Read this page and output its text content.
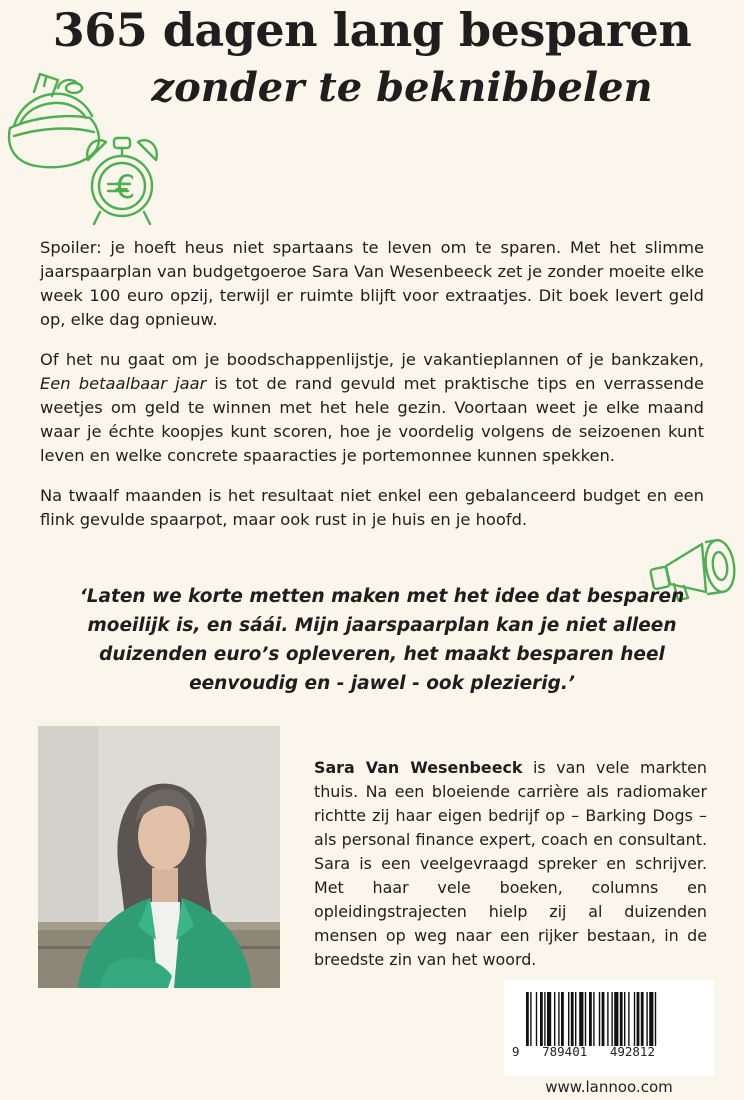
365 dagen lang besparen
zonder te beknibbelen
€

Spoiler: je hoeft heus niet spartaans te leven om te sparen. Met het slimme jaarspaarplan van budgetgoeroe Sara Van Wesenbeeck zet je zonder moeite elke week 100 euro opzij, terwijl er ruimte blijft voor extraatjes. Dit boek levert geld op, elke dag opnieuw.

Of het nu gaat om je boodschappenlijstje, je vakantieplannen of je bankzaken, Een betaalbaar jaar is tot de rand gevuld met praktische tips en verrassende weetjes om geld te winnen met het hele gezin. Voortaan weet je elke maand waar je échte koopjes kunt scoren, hoe je voordelig volgens de seizoenen kunt leven en welke concrete spaaracties je portemonnee kunnen spekken.

Na twaalf maanden is het resultaat niet enkel een gebalanceerd budget en een flink gevulde spaarpot, maar ook rust in je huis en je hoofd.

‘Laten we korte metten maken met het idee dat besparen moeilijk is, en sáái. Mijn jaarspaarplan kan je niet alleen duizenden euro’s opleveren, het maakt besparen heel eenvoudig en - jawel - ook plezierig.’

Sara Van Wesenbeeck is van vele markten thuis. Na een bloeiende carrière als radiomaker richtte zij haar eigen bedrijf op – Barking Dogs – als personal finance expert, coach en consultant. Sara is een veelgevraagd spreker en schrijver. Met haar vele boeken, columns en opleidingstrajecten hielp zij al duizenden mensen op weg naar een rijker bestaan, in de breedste zin van het woord.

9   789401   492812
www.lannoo.com
